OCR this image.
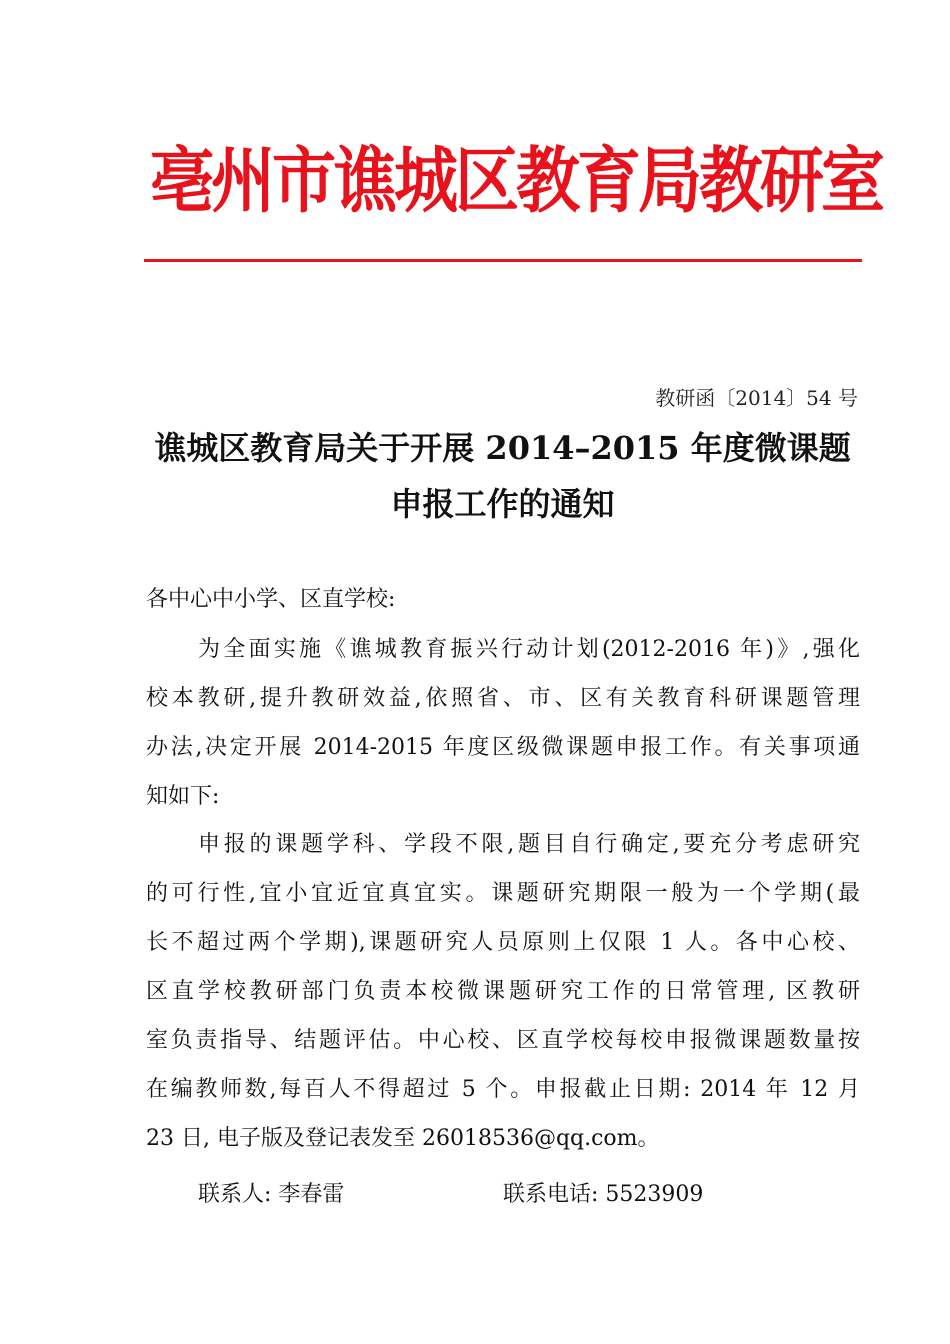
亳州市谯城区教育局教研室
教研函〔2014〕54 号
谯城区教育局关于开展 2014–2015 年度微课题
申报工作的通知
各中心中小学、区直学校:
为全面实施《谯城教育振兴行动计划(2012-2016 年)》,强化
校本教研,提升教研效益,依照省、市、区有关教育科研课题管理
办法,决定开展 2014-2015 年度区级微课题申报工作。有关事项通
知如下:
申报的课题学科、学段不限,题目自行确定,要充分考虑研究
的可行性,宜小宜近宜真宜实。课题研究期限一般为一个学期(最
长不超过两个学期),课题研究人员原则上仅限 1 人。各中心校、
区直学校教研部门负责本校微课题研究工作的日常管理, 区教研
室负责指导、结题评估。中心校、区直学校每校申报微课题数量按
在编教师数,每百人不得超过 5 个。申报截止日期: 2014 年 12 月
23 日, 电子版及登记表发至 26018536@qq.com。
联系人: 李春雷	联系电话: 5523909
